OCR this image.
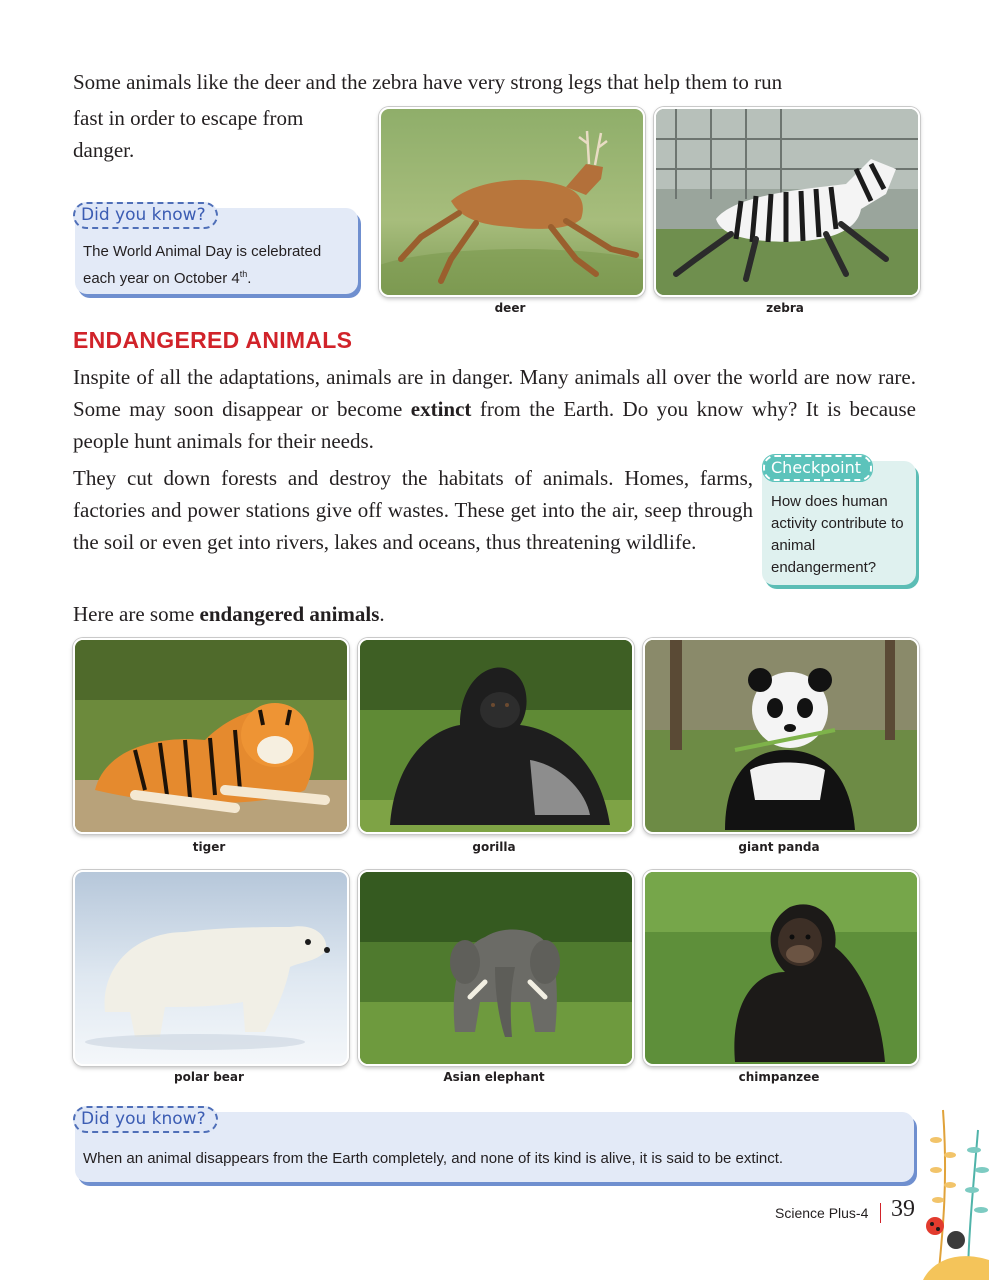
Some animals like the deer and the zebra have very strong legs that help them to run
fast in order to escape from
danger.
Did you know?
The World Animal Day is celebrated each year on October 4th.
deer	zebra
ENDANGERED ANIMALS
Inspite of all the adaptations, animals are in danger. Many animals all over the world are now rare. Some may soon disappear or become extinct from the Earth. Do you know why? It is because people hunt animals for their needs.
They cut down forests and destroy the habitats of animals. Homes, farms, factories and power stations give off wastes. These get into the air, seep through the soil or even get into rivers, lakes and oceans, thus threatening wildlife.
Checkpoint
How does human activity contribute to animal endangerment?
Here are some endangered animals.
tiger	gorilla	giant panda
polar bear	Asian elephant	chimpanzee
Did you know?
When an animal disappears from the Earth completely, and none of its kind is alive, it is said to be extinct.
Science Plus-4 39
